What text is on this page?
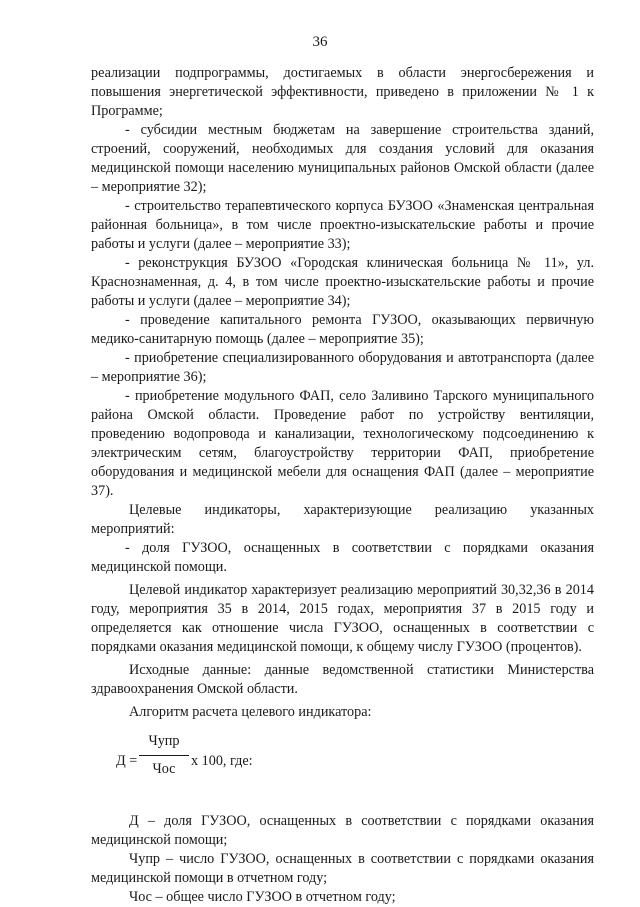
36

реализации подпрограммы, достигаемых в области энергосбережения и повышения энергетической эффективности, приведено в приложении № 1 к Программе;

- субсидии местным бюджетам на завершение строительства зданий, строений, сооружений, необходимых для создания условий для оказания медицинской помощи населению муниципальных районов Омской области (далее – мероприятие 32);

- строительство терапевтического корпуса БУЗОО «Знаменская центральная районная больница», в том числе проектно-изыскательские работы и прочие работы и услуги (далее – мероприятие 33);

- реконструкция БУЗОО «Городская клиническая больница № 11», ул. Краснознаменная, д. 4, в том числе проектно-изыскательские работы и прочие работы и услуги (далее – мероприятие 34);

- проведение капитального ремонта ГУЗОО, оказывающих первичную медико-санитарную помощь (далее – мероприятие 35);

- приобретение специализированного оборудования и автотранспорта (далее – мероприятие 36);

- приобретение модульного ФАП, село Заливино Тарского муниципального района Омской области. Проведение работ по устройству вентиляции, проведению водопровода и канализации, технологическому подсоединению к электрическим сетям, благоустройству территории ФАП, приобретение оборудования и медицинской мебели для оснащения ФАП (далее – мероприятие 37).

Целевые индикаторы, характеризующие реализацию указанных мероприятий:

- доля ГУЗОО, оснащенных в соответствии с порядками оказания медицинской помощи.

Целевой индикатор характеризует реализацию мероприятий 30,32,36 в 2014 году, мероприятия 35 в 2014, 2015 годах, мероприятия 37 в 2015 году и определяется как отношение числа ГУЗОО, оснащенных в соответствии с порядками оказания медицинской помощи, к общему числу ГУЗОО (процентов).

Исходные данные: данные ведомственной статистики Министерства здравоохранения Омской области.

Алгоритм расчета целевого индикатора:

Д =
Чупр
Чос	х 100, где:

Д – доля ГУЗОО, оснащенных в соответствии с порядками оказания медицинской помощи;

Чупр – число ГУЗОО, оснащенных в соответствии с порядками оказания медицинской помощи в отчетном году;

Чос – общее число ГУЗОО в отчетном году;
